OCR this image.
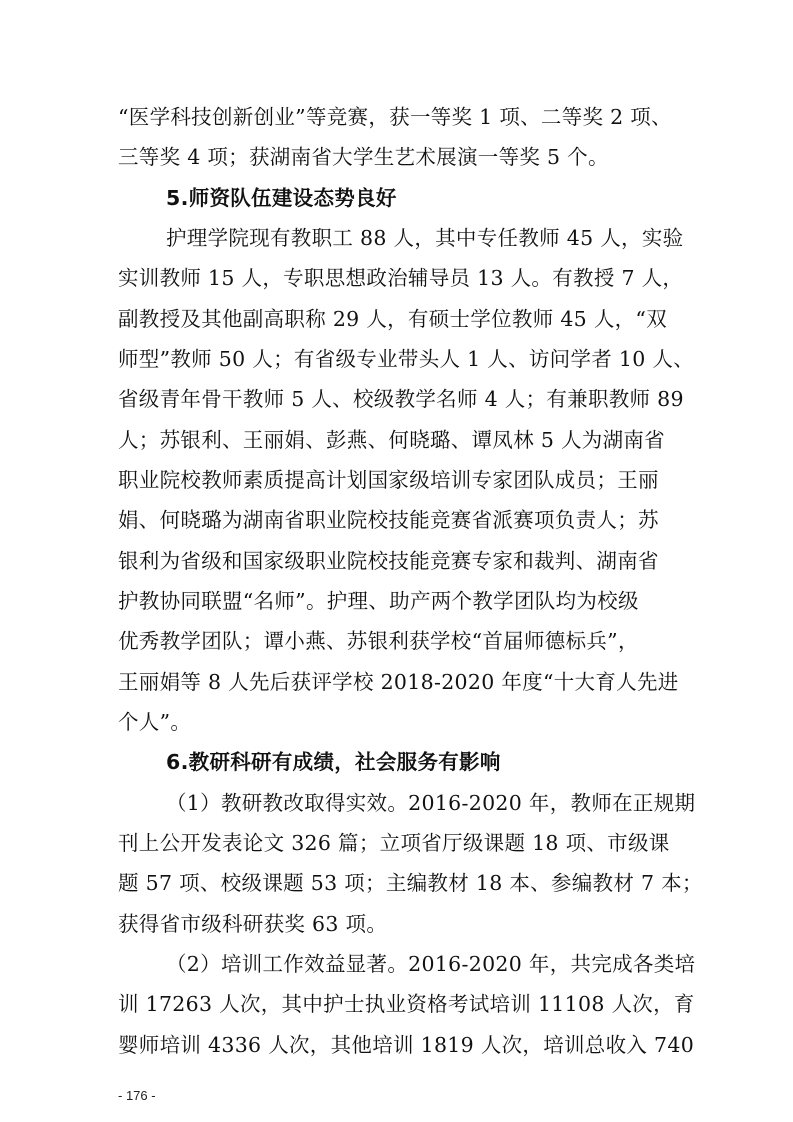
“医学科技创新创业”等竞赛，获一等奖 1 项、二等奖 2 项、
三等奖 4 项；获湖南省大学生艺术展演一等奖 5 个。
5.师资队伍建设态势良好
护理学院现有教职工 88 人，其中专任教师 45 人，实验
实训教师 15 人，专职思想政治辅导员 13 人。有教授 7 人，
副教授及其他副高职称 29 人，有硕士学位教师 45 人，“双
师型”教师 50 人；有省级专业带头人 1 人、访问学者 10 人、
省级青年骨干教师 5 人、校级教学名师 4 人；有兼职教师 89
人；苏银利、王丽娟、彭燕、何晓璐、谭凤林 5 人为湖南省
职业院校教师素质提高计划国家级培训专家团队成员；王丽
娟、何晓璐为湖南省职业院校技能竞赛省派赛项负责人；苏
银利为省级和国家级职业院校技能竞赛专家和裁判、湖南省
护教协同联盟“名师”。护理、助产两个教学团队均为校级
优秀教学团队；谭小燕、苏银利获学校“首届师德标兵”，
王丽娟等 8 人先后获评学校 2018-2020 年度“十大育人先进
个人”。
6.教研科研有成绩，社会服务有影响
（1）教研教改取得实效。2016-2020 年，教师在正规期
刊上公开发表论文 326 篇；立项省厅级课题 18 项、市级课
题 57 项、校级课题 53 项；主编教材 18 本、参编教材 7 本；
获得省市级科研获奖 63 项。
（2）培训工作效益显著。2016-2020 年，共完成各类培
训 17263 人次，其中护士执业资格考试培训 11108 人次，育
婴师培训 4336 人次，其他培训 1819 人次，培训总收入 740
- 176 -
